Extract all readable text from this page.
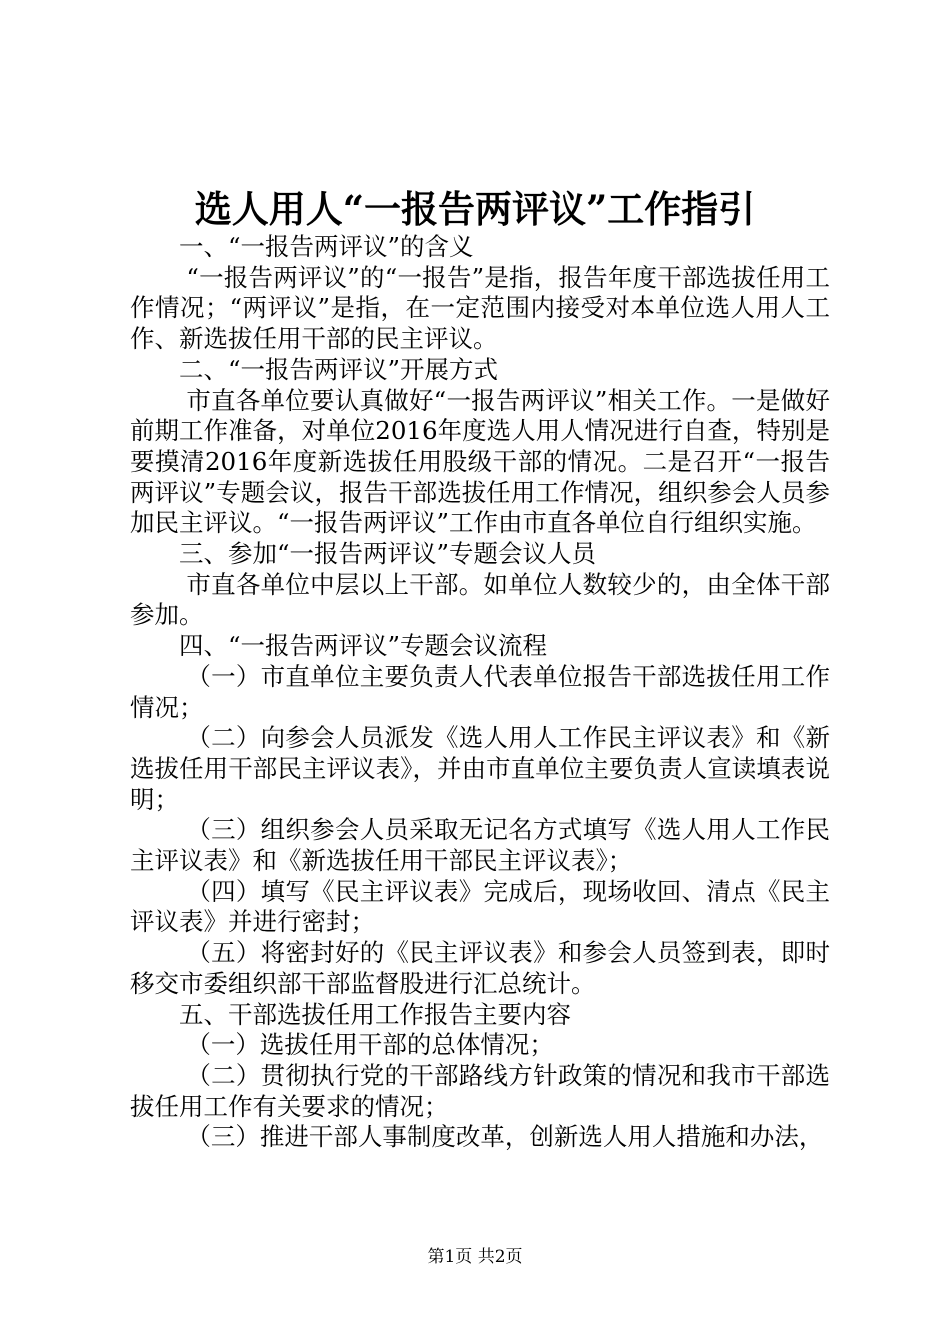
选人用人“一报告两评议”工作指引

一、“一报告两评议”的含义

“一报告两评议”的“一报告”是指，报告年度干部选拔任用工作情况；“两评议”是指，在一定范围内接受对本单位选人用人工作、新选拔任用干部的民主评议。

二、“一报告两评议”开展方式

市直各单位要认真做好“一报告两评议”相关工作。一是做好前期工作准备，对单位2016年度选人用人情况进行自查，特别是要摸清2016年度新选拔任用股级干部的情况。二是召开“一报告两评议”专题会议，报告干部选拔任用工作情况，组织参会人员参加民主评议。“一报告两评议”工作由市直各单位自行组织实施。

三、参加“一报告两评议”专题会议人员

市直各单位中层以上干部。如单位人数较少的，由全体干部参加。

四、“一报告两评议”专题会议流程

（一）市直单位主要负责人代表单位报告干部选拔任用工作情况；

（二）向参会人员派发《选人用人工作民主评议表》和《新选拔任用干部民主评议表》，并由市直单位主要负责人宣读填表说明；

（三）组织参会人员采取无记名方式填写《选人用人工作民主评议表》和《新选拔任用干部民主评议表》；

（四）填写《民主评议表》完成后，现场收回、清点《民主评议表》并进行密封；

（五）将密封好的《民主评议表》和参会人员签到表，即时移交市委组织部干部监督股进行汇总统计。

五、干部选拔任用工作报告主要内容

（一）选拔任用干部的总体情况；

（二）贯彻执行党的干部路线方针政策的情况和我市干部选拔任用工作有关要求的情况；

（三）推进干部人事制度改革，创新选人用人措施和办法，

第1页 共2页
